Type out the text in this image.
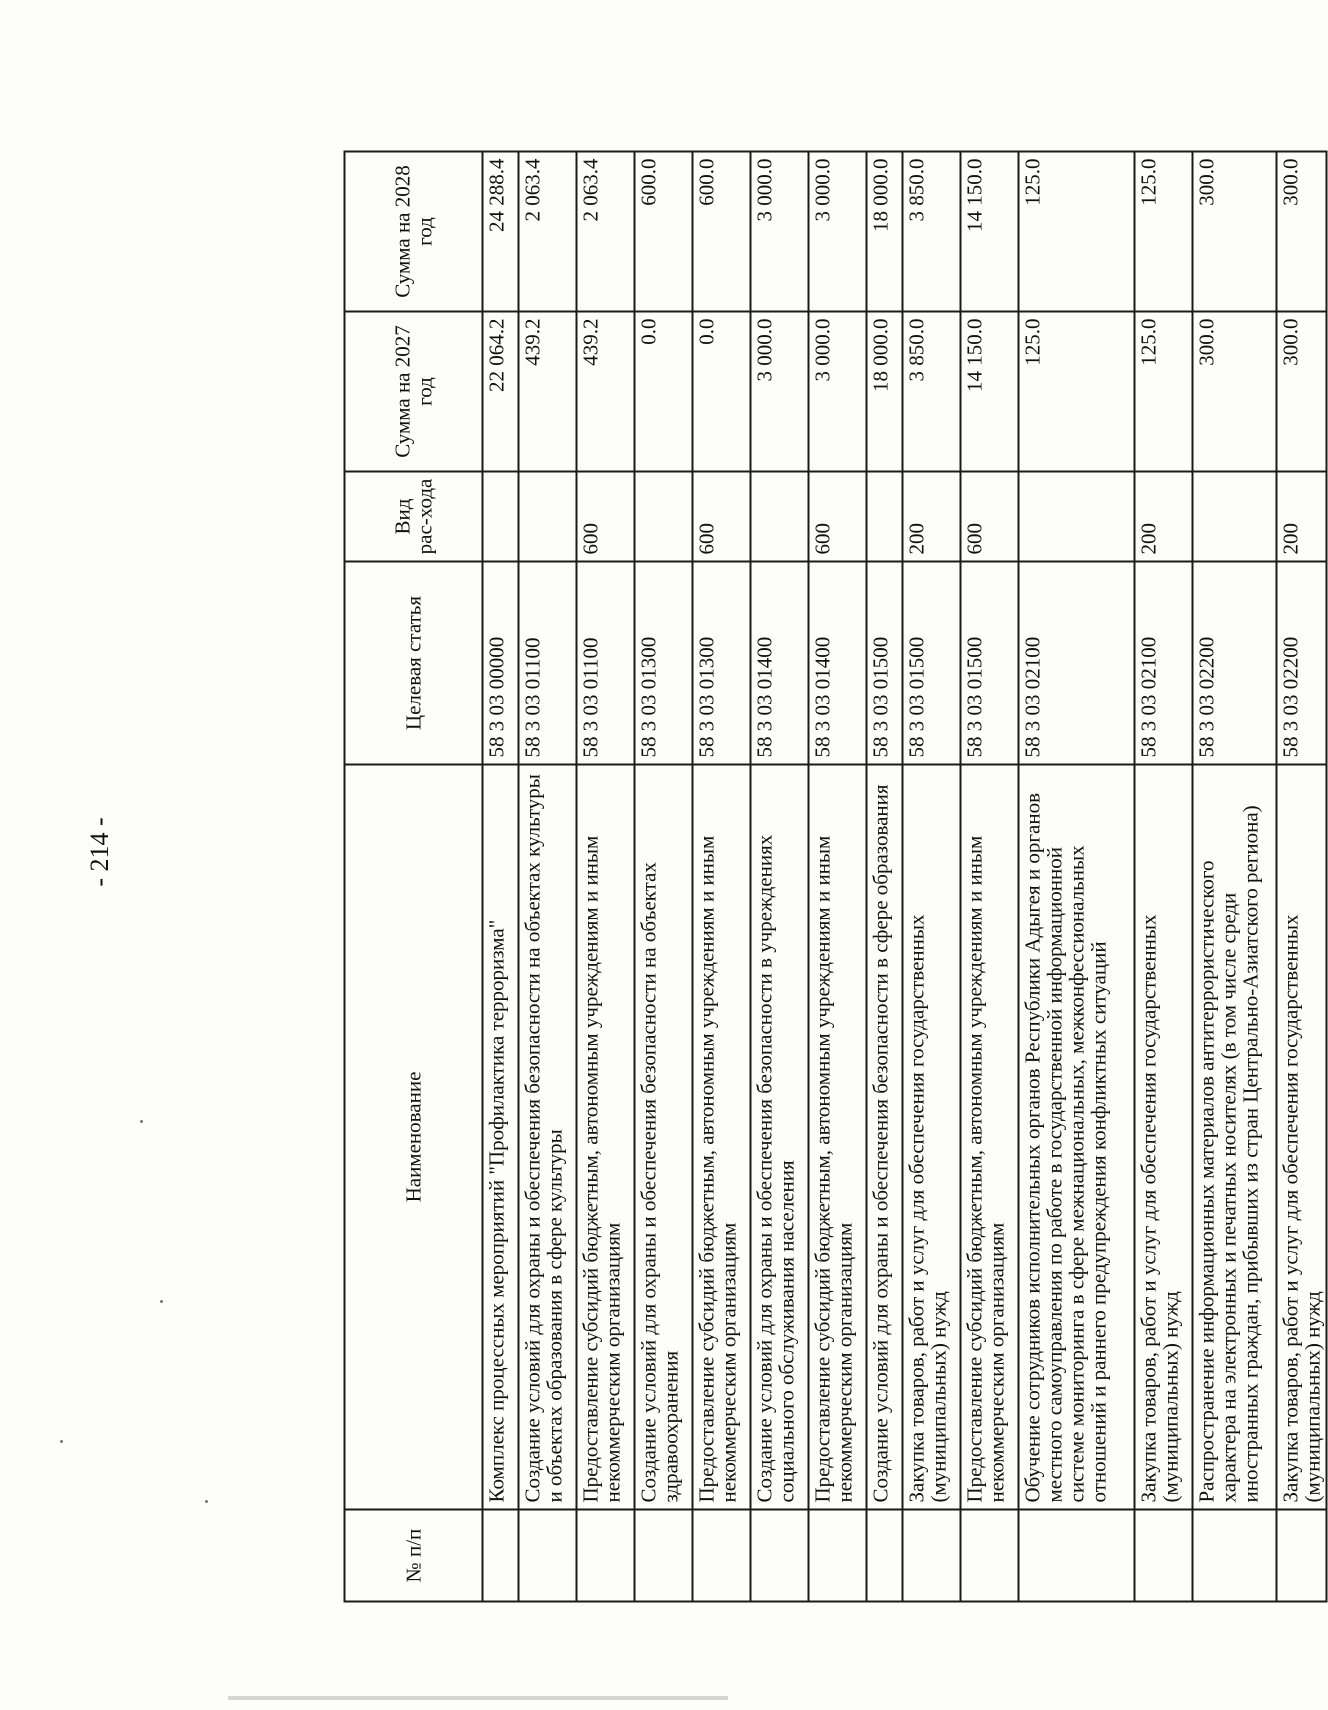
- 214 -
№ п/п	Наименование	Целевая статья	Вид рас-хода	Сумма на 2027 год	Сумма на 2028 год
	Комплекс процессных мероприятий "Профилактика терроризма"	58 3 03 00000		22 064.2	24 288.4
	Создание условий для охраны и обеспечения безопасности на объектах культуры и объектах образования в сфере культуры	58 3 03 01100		439.2	2 063.4
	Предоставление субсидий бюджетным, автономным учреждениям и иным некоммерческим организациям	58 3 03 01100	600	439.2	2 063.4
	Создание условий для охраны и обеспечения безопасности на объектах здравоохранения	58 3 03 01300		0.0	600.0
	Предоставление субсидий бюджетным, автономным учреждениям и иным некоммерческим организациям	58 3 03 01300	600	0.0	600.0
	Создание условий для охраны и обеспечения безопасности в учреждениях социального обслуживания населения	58 3 03 01400		3 000.0	3 000.0
	Предоставление субсидий бюджетным, автономным учреждениям и иным некоммерческим организациям	58 3 03 01400	600	3 000.0	3 000.0
	Создание условий для охраны и обеспечения безопасности в сфере образования	58 3 03 01500		18 000.0	18 000.0
	Закупка товаров, работ и услуг для обеспечения государственных (муниципальных) нужд	58 3 03 01500	200	3 850.0	3 850.0
	Предоставление субсидий бюджетным, автономным учреждениям и иным некоммерческим организациям	58 3 03 01500	600	14 150.0	14 150.0
	Обучение сотрудников исполнительных органов Республики Адыгея и органов местного самоуправления по работе в государственной информационной системе мониторинга в сфере межнациональных, межконфессиональных отношений и раннего предупреждения конфликтных ситуаций	58 3 03 02100		125.0	125.0
	Закупка товаров, работ и услуг для обеспечения государственных (муниципальных) нужд	58 3 03 02100	200	125.0	125.0
	Распространение информационных материалов антитеррористического характера на электронных и печатных носителях (в том числе среди иностранных граждан, прибывших из стран Центрально-Азиатского региона)	58 3 03 02200		300.0	300.0
	Закупка товаров, работ и услуг для обеспечения государственных (муниципальных) нужд	58 3 03 02200	200	300.0	300.0
